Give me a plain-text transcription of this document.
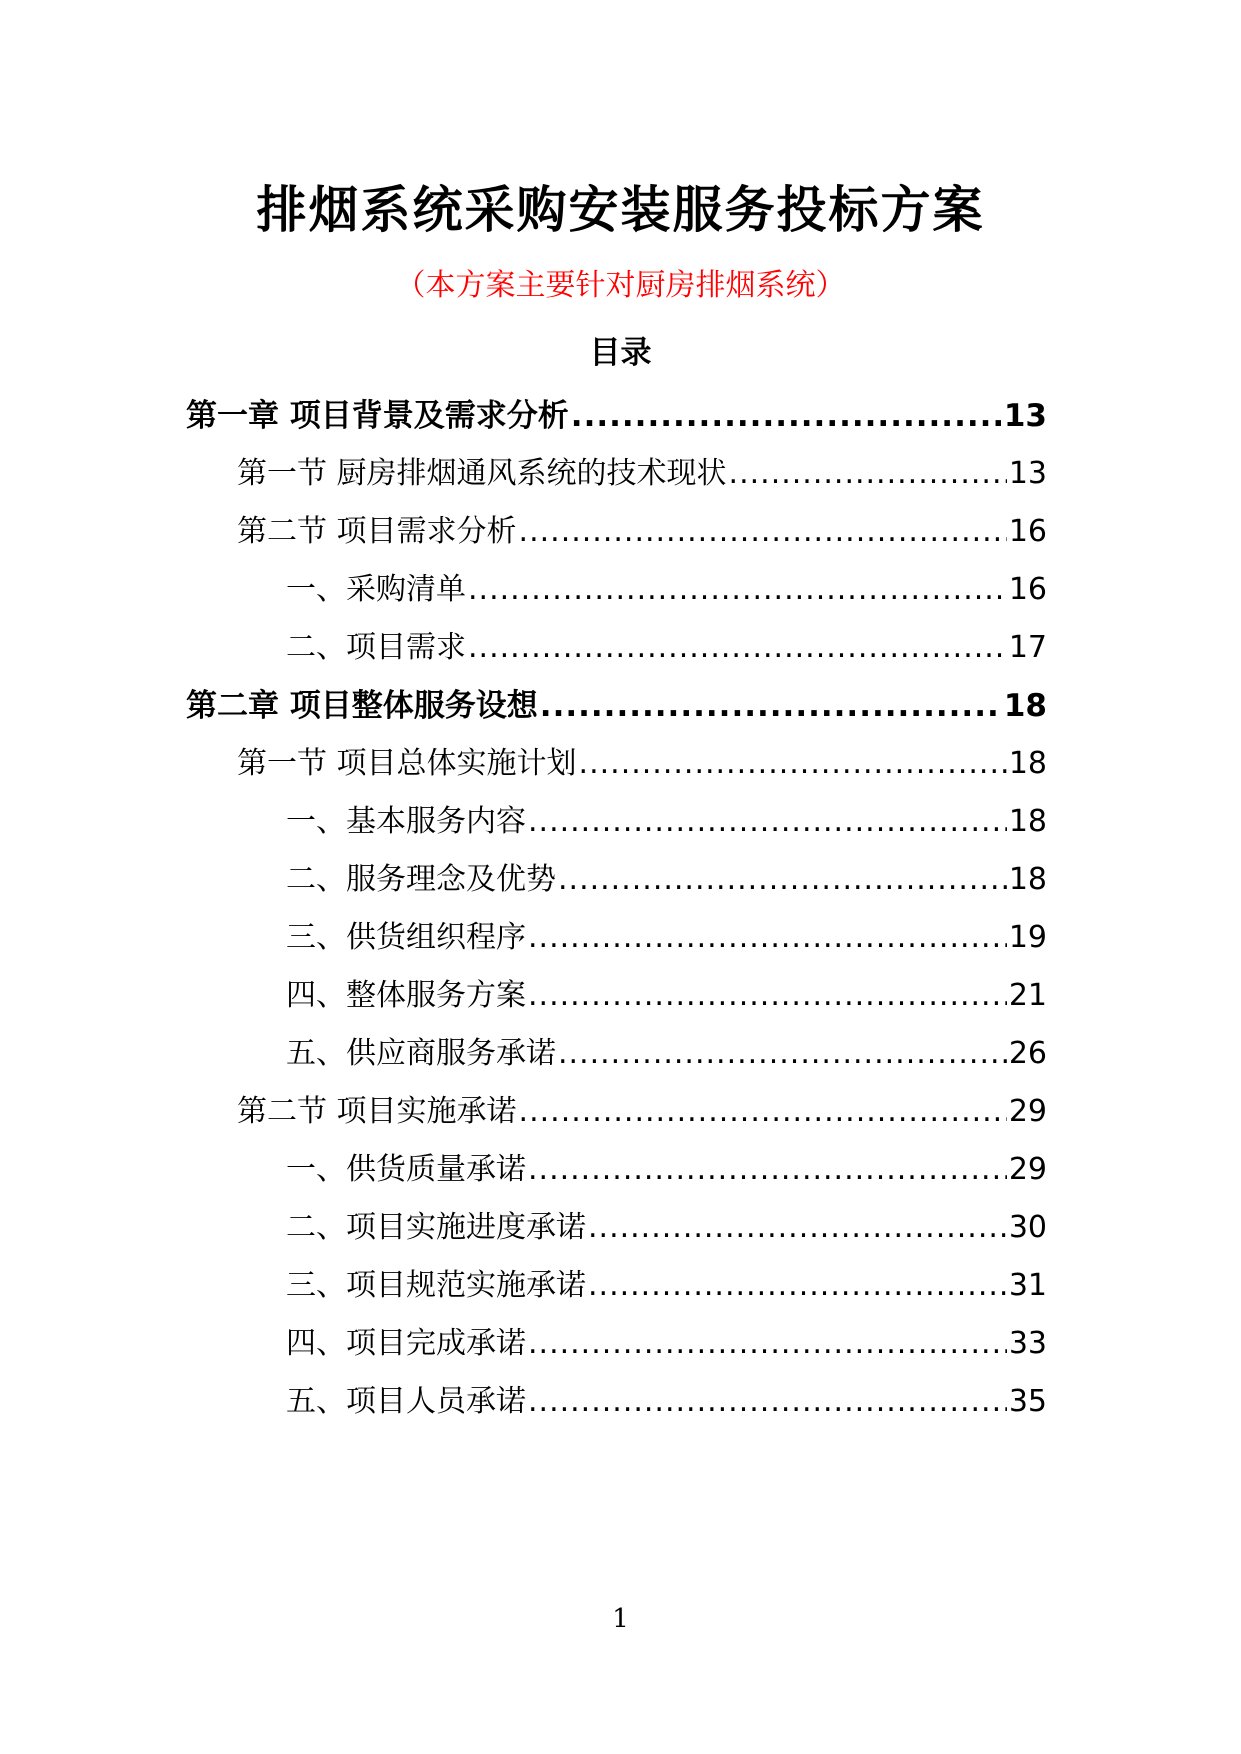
排烟系统采购安装服务投标方案
（本方案主要针对厨房排烟系统）
目录
第一章 项目背景及需求分析 .....	13
第一节 厨房排烟通风系统的技术现状 .....	13
第二节 项目需求分析 .....	16
一、采购清单 .....	16
二、项目需求 .....	17
第二章 项目整体服务设想 .....	18
第一节 项目总体实施计划 .....	18
一、基本服务内容 .....	18
二、服务理念及优势 .....	18
三、供货组织程序 .....	19
四、整体服务方案 .....	21
五、供应商服务承诺 .....	26
第二节 项目实施承诺 .....	29
一、供货质量承诺 .....	29
二、项目实施进度承诺 .....	30
三、项目规范实施承诺 .....	31
四、项目完成承诺 .....	33
五、项目人员承诺 .....	35
1
